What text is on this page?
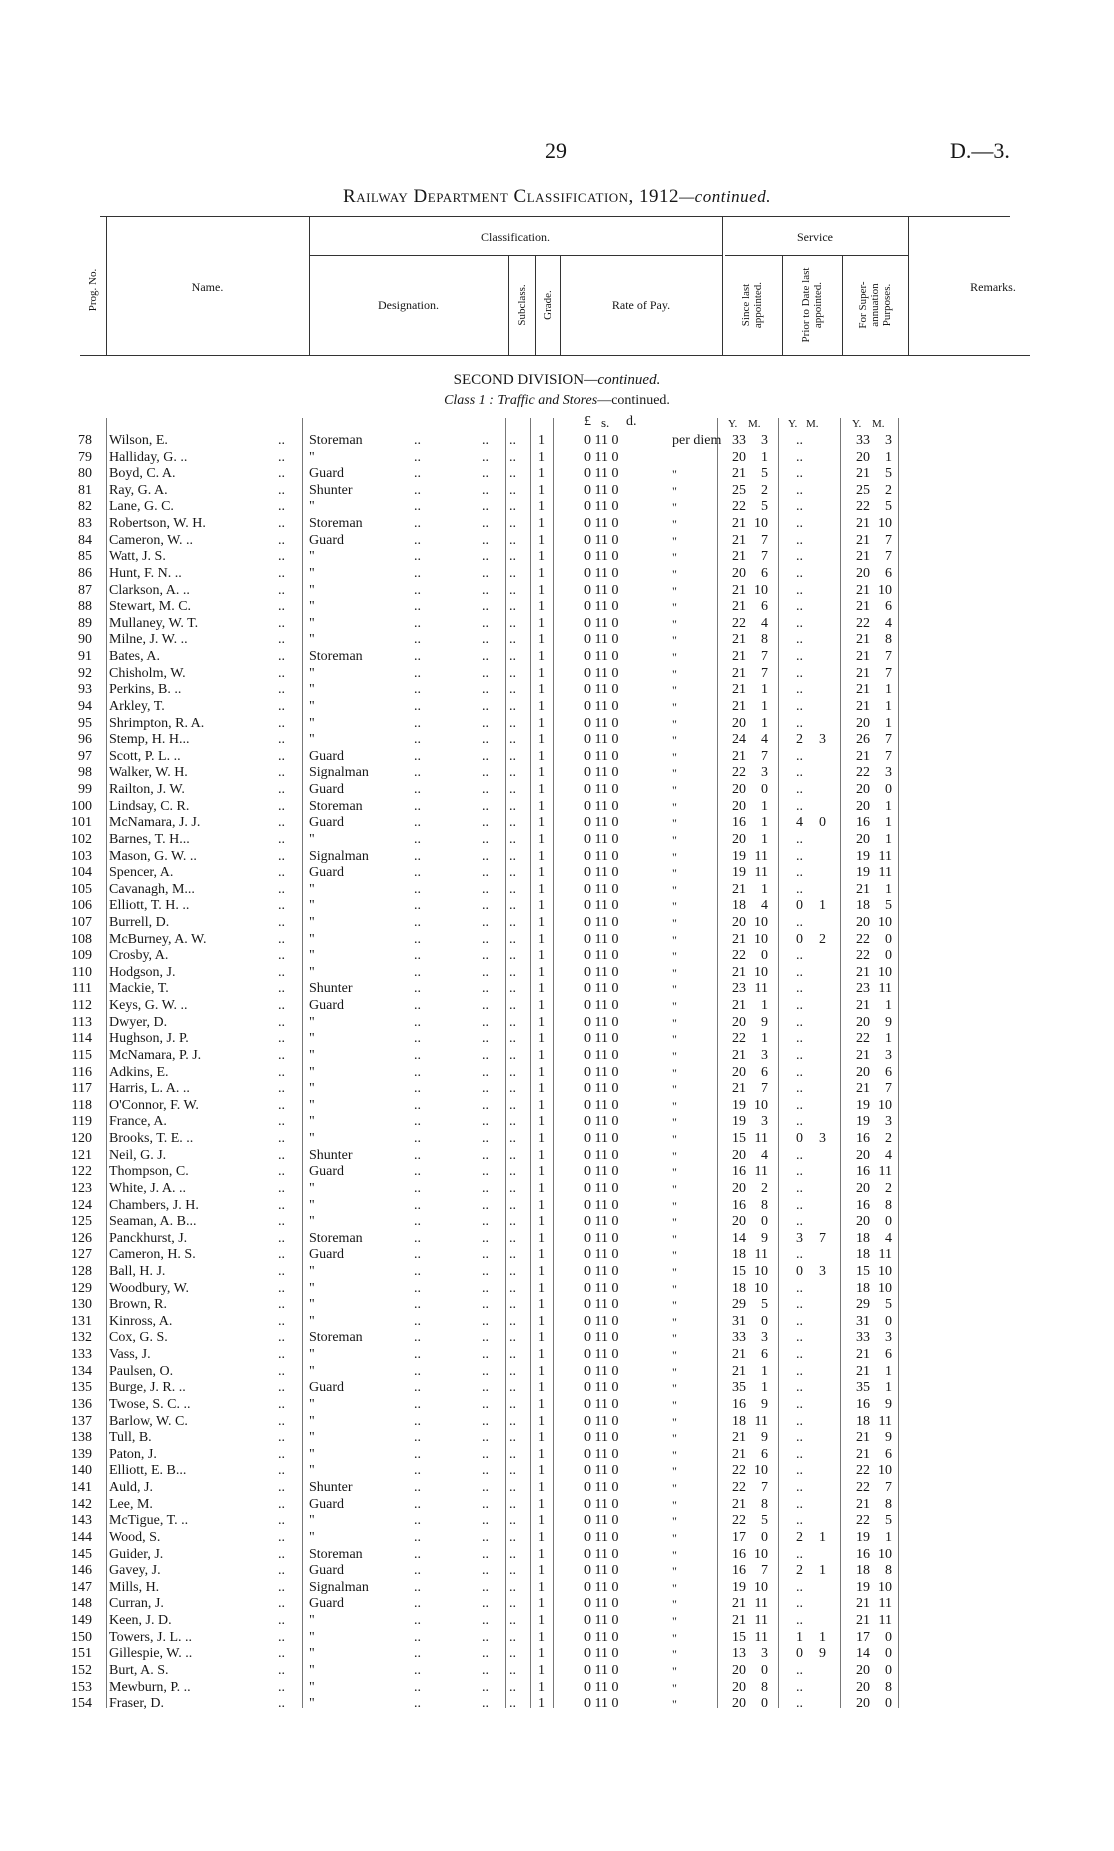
29	D.—3.
Railway Department Classification, 1912—continued.
Prog. No.	Name.
Classification.
Designation.	Subclass. Grade.	Rate of Pay.
Service
Since last appointed.	Prior to Date last appointed.	For Super-annuation Purposes.	Remarks.
SECOND DIVISION—continued.
Class 1 : Traffic and Stores—continued.
£ s. d.	Y. M. Y. M.	Y. M.
78 Wilson, E.	.. Storeman	..	.. .. 1	0 11 0	per diem 33	3	..	33	3
79 Halliday, G. ..	.. "	..	.. .. 1	0 11 0	20	1	..	20	1
80 Boyd, C. A.	.. Guard	..	.. .. 1	0 11 0	"	21	5	..	21	5
81 Ray, G. A.	.. Shunter	..	.. .. 1	0 11 0	"	25	2	..	25	2
82 Lane, G. C.	.. "	..	.. .. 1	0 11 0	"	22	5	..	22	5
83 Robertson, W. H.	.. Storeman	..	.. .. 1	0 11 0	"	21 10	..	21 10
84 Cameron, W. ..	.. Guard	..	.. .. 1	0 11 0	"	21	7	..	21	7
85 Watt, J. S.	.. "	..	.. .. 1	0 11 0	"	21	7	..	21	7
86 Hunt, F. N. ..	.. "	..	.. .. 1	0 11 0	"	20	6	..	20	6
87 Clarkson, A. ..	.. "	..	.. .. 1	0 11 0	"	21 10	..	21 10
88 Stewart, M. C.	.. "	..	.. .. 1	0 11 0	"	21	6	..	21	6
89 Mullaney, W. T.	.. "	..	.. .. 1	0 11 0	"	22	4	..	22	4
90 Milne, J. W. ..	.. "	..	.. .. 1	0 11 0	"	21	8	..	21	8
91 Bates, A.	.. Storeman	..	.. .. 1	0 11 0	"	21	7	..	21	7
92 Chisholm, W.	.. "	..	.. .. 1	0 11 0	"	21	7	..	21	7
93 Perkins, B. ..	.. "	..	.. .. 1	0 11 0	"	21	1	..	21	1
94 Arkley, T.	.. "	..	.. .. 1	0 11 0	"	21	1	..	21	1
95 Shrimpton, R. A.	.. "	..	.. .. 1	0 11 0	"	20	1	..	20	1
96 Stemp, H. H...	.. "	..	.. .. 1	0 11 0	"	24	4	2	3	26	7
97 Scott, P. L. ..	.. Guard	..	.. .. 1	0 11 0	"	21	7	..	21	7
98 Walker, W. H.	.. Signalman	..	.. .. 1	0 11 0	"	22	3	..	22	3
99 Railton, J. W.	.. Guard	..	.. .. 1	0 11 0	"	20	0	..	20	0
100 Lindsay, C. R.	.. Storeman	..	.. .. 1	0 11 0	"	20	1	..	20	1
101 McNamara, J. J.	.. Guard	..	.. .. 1	0 11 0	"	16	1	4	0	16	1
102 Barnes, T. H...	.. "	..	.. .. 1	0 11 0	"	20	1	..	20	1
103 Mason, G. W. ..	.. Signalman	..	.. .. 1	0 11 0	"	19 11	..	19 11
104 Spencer, A.	.. Guard	..	.. .. 1	0 11 0	"	19 11	..	19 11
105 Cavanagh, M...	.. "	..	.. .. 1	0 11 0	"	21	1	..	21	1
106 Elliott, T. H. ..	.. "	..	.. .. 1	0 11 0	"	18	4	0	1	18	5
107 Burrell, D.	.. "	..	.. .. 1	0 11 0	"	20 10	..	20 10
108 McBurney, A. W.	.. "	..	.. .. 1	0 11 0	"	21 10	0	2	22	0
109 Crosby, A.	.. "	..	.. .. 1	0 11 0	"	22	0	..	22	0
110 Hodgson, J.	.. "	..	.. .. 1	0 11 0	"	21 10	..	21 10
111 Mackie, T.	.. Shunter	..	.. .. 1	0 11 0	"	23 11	..	23 11
112 Keys, G. W. ..	.. Guard	..	.. .. 1	0 11 0	"	21	1	..	21	1
113 Dwyer, D.	.. "	..	.. .. 1	0 11 0	"	20	9	..	20	9
114 Hughson, J. P.	.. "	..	.. .. 1	0 11 0	"	22	1	..	22	1
115 McNamara, P. J.	.. "	..	.. .. 1	0 11 0	"	21	3	..	21	3
116 Adkins, E.	.. "	..	.. .. 1	0 11 0	"	20	6	..	20	6
117 Harris, L. A. ..	.. "	..	.. .. 1	0 11 0	"	21	7	..	21	7
118 O'Connor, F. W.	.. "	..	.. .. 1	0 11 0	"	19 10	..	19 10
119 France, A.	.. "	..	.. .. 1	0 11 0	"	19	3	..	19	3
120 Brooks, T. E. ..	.. "	..	.. .. 1	0 11 0	"	15 11	0	3	16	2
121 Neil, G. J.	.. Shunter	..	.. .. 1	0 11 0	"	20	4	..	20	4
122 Thompson, C.	.. Guard	..	.. .. 1	0 11 0	"	16 11	..	16 11
123 White, J. A. ..	.. "	..	.. .. 1	0 11 0	"	20	2	..	20	2
124 Chambers, J. H.	.. "	..	.. .. 1	0 11 0	"	16	8	..	16	8
125 Seaman, A. B...	.. "	..	.. .. 1	0 11 0	"	20	0	..	20	0
126 Panckhurst, J.	.. Storeman	..	.. .. 1	0 11 0	"	14	9	3	7	18	4
127 Cameron, H. S.	.. Guard	..	.. .. 1	0 11 0	"	18 11	..	18 11
128 Ball, H. J.	.. "	..	.. .. 1	0 11 0	"	15 10	0	3	15 10
129 Woodbury, W.	.. "	..	.. .. 1	0 11 0	"	18 10	..	18 10
130 Brown, R.	.. "	..	.. .. 1	0 11 0	"	29	5	..	29	5
131 Kinross, A.	.. "	..	.. .. 1	0 11 0	"	31	0	..	31	0
132 Cox, G. S.	.. Storeman	..	.. .. 1	0 11 0	"	33	3	..	33	3
133 Vass, J.	.. "	..	.. .. 1	0 11 0	"	21	6	..	21	6
134 Paulsen, O.	.. "	..	.. .. 1	0 11 0	"	21	1	..	21	1
135 Burge, J. R. ..	.. Guard	..	.. .. 1	0 11 0	"	35	1	..	35	1
136 Twose, S. C. ..	.. "	..	.. .. 1	0 11 0	"	16	9	..	16	9
137 Barlow, W. C.	.. "	..	.. .. 1	0 11 0	"	18 11	..	18 11
138 Tull, B.	.. "	..	.. .. 1	0 11 0	"	21	9	..	21	9
139 Paton, J.	.. "	..	.. .. 1	0 11 0	"	21	6	..	21	6
140 Elliott, E. B...	.. "	..	.. .. 1	0 11 0	"	22 10	..	22 10
141 Auld, J.	.. Shunter	..	.. .. 1	0 11 0	"	22	7	..	22	7
142 Lee, M.	.. Guard	..	.. .. 1	0 11 0	"	21	8	..	21	8
143 McTigue, T. ..	.. "	..	.. .. 1	0 11 0	"	22	5	..	22	5
144 Wood, S.	.. "	..	.. .. 1	0 11 0	"	17	0	2	1	19	1
145 Guider, J.	.. Storeman	..	.. .. 1	0 11 0	"	16 10	..	16 10
146 Gavey, J.	.. Guard	..	.. .. 1	0 11 0	"	16	7	2	1	18	8
147 Mills, H.	.. Signalman	..	.. .. 1	0 11 0	"	19 10	..	19 10
148 Curran, J.	.. Guard	..	.. .. 1	0 11 0	"	21 11	..	21 11
149 Keen, J. D.	.. "	..	.. .. 1	0 11 0	"	21 11	..	21 11
150 Towers, J. L. ..	.. "	..	.. .. 1	0 11 0	"	15 11	1	1	17	0
151 Gillespie, W. ..	.. "	..	.. .. 1	0 11 0	"	13	3	0	9	14	0
152 Burt, A. S.	.. "	..	.. .. 1	0 11 0	"	20	0	..	20	0
153 Mewburn, P. ..	.. "	..	.. .. 1	0 11 0	"	20	8	..	20	8
154 Fraser, D.	.. "	..	.. .. 1	0 11 0	"	20	0	..	20	0
